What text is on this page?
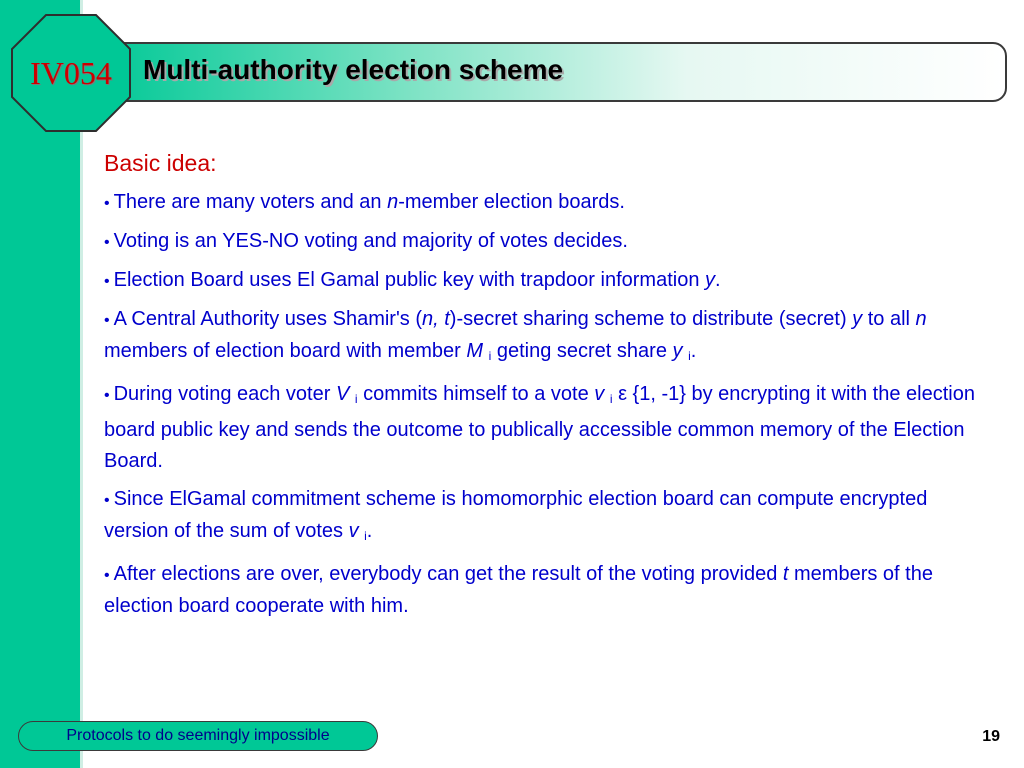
Multi-authority election scheme
IV054
Basic idea:

• There are many voters and an n-member election boards.

• Voting is an YES-NO voting and majority of votes decides.

• Election Board uses El Gamal public key with trapdoor information y.

• A Central Authority uses Shamir's (n, t)-secret sharing scheme to distribute (secret) y to all n members of election board with member M $_i$ geting secret share y $_i$.

• During voting each voter V $_i$ commits himself to a vote v $_i$ ε {1, -1} by encrypting it with the election board public key and sends the outcome to publically accessible common memory of the Election Board.

• Since ElGamal commitment scheme is homomorphic election board can compute encrypted version of the sum of votes v $_i$.

• After elections are over, everybody can get the result of the voting provided t members of the election board cooperate with him.

Protocols to do seemingly impossible	19
